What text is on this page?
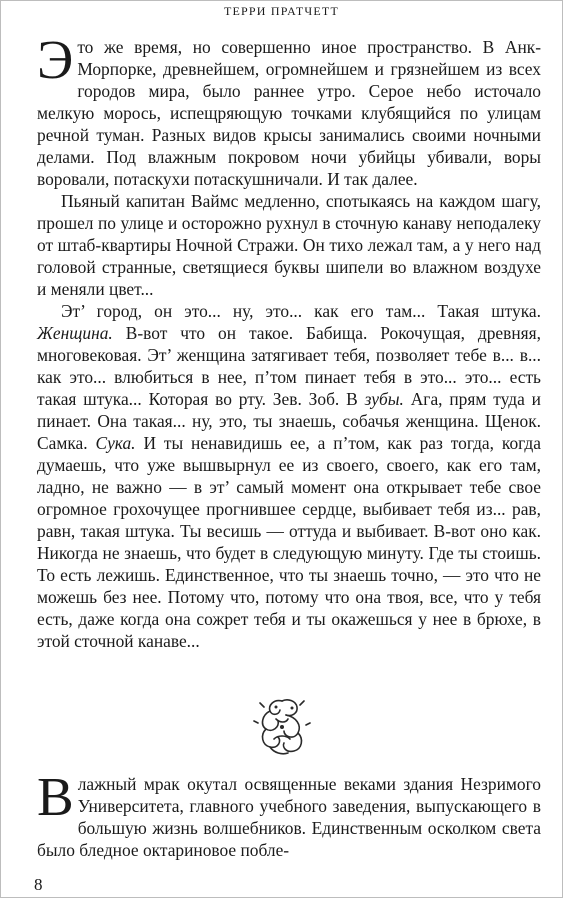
ТЕРРИ ПРАТЧЕТТ

Это же время, но совершенно иное пространство. В Анк-Морпорке, древнейшем, огромнейшем и грязнейшем из всех городов мира, было раннее утро. Серое небо источало мелкую морось, испещряющую точками клубящийся по улицам речной туман. Разных видов крысы занимались своими ночными делами. Под влажным покровом ночи убийцы убивали, воры воровали, потаскухи потаскушничали. И так далее.

Пьяный капитан Ваймс медленно, спотыкаясь на каждом шагу, прошел по улице и осторожно рухнул в сточную канаву неподалеку от штаб-квартиры Ночной Стражи. Он тихо лежал там, а у него над головой странные, светящиеся буквы шипели во влажном воздухе и меняли цвет...

Эт’ город, он это... ну, это... как его там... Такая штука. Женщина. В-вот что он такое. Бабища. Рокочущая, древняя, многовековая. Эт’ женщина затягивает тебя, позволяет тебе в... в... как это... влюбиться в нее, п’том пинает тебя в это... это... есть такая штука... Которая во рту. Зев. Зоб. В зубы. Ага, прям туда и пинает. Она такая... ну, это, ты знаешь, собачья женщина. Щенок. Самка. Сука. И ты ненавидишь ее, а п’том, как раз тогда, когда думаешь, что уже вышвырнул ее из своего, своего, как его там, ладно, не важно — в эт’ самый момент она открывает тебе свое огромное грохочущее прогнившее сердце, выбивает тебя из... рав, равн, такая штука. Ты весишь — оттуда и выбивает. В-вот оно как. Никогда не знаешь, что будет в следующую минуту. Где ты стоишь. То есть лежишь. Единственное, что ты знаешь точно, — это что не можешь без нее. Потому что, потому что она твоя, все, что у тебя есть, даже когда она сожрет тебя и ты окажешься у нее в брюхе, в этой сточной канаве...

Влажный мрак окутал освященные веками здания Незримого Университета, главного учебного заведения, выпускающего в большую жизнь волшебников. Единственным осколком света было бледное октариновое побле-

8
